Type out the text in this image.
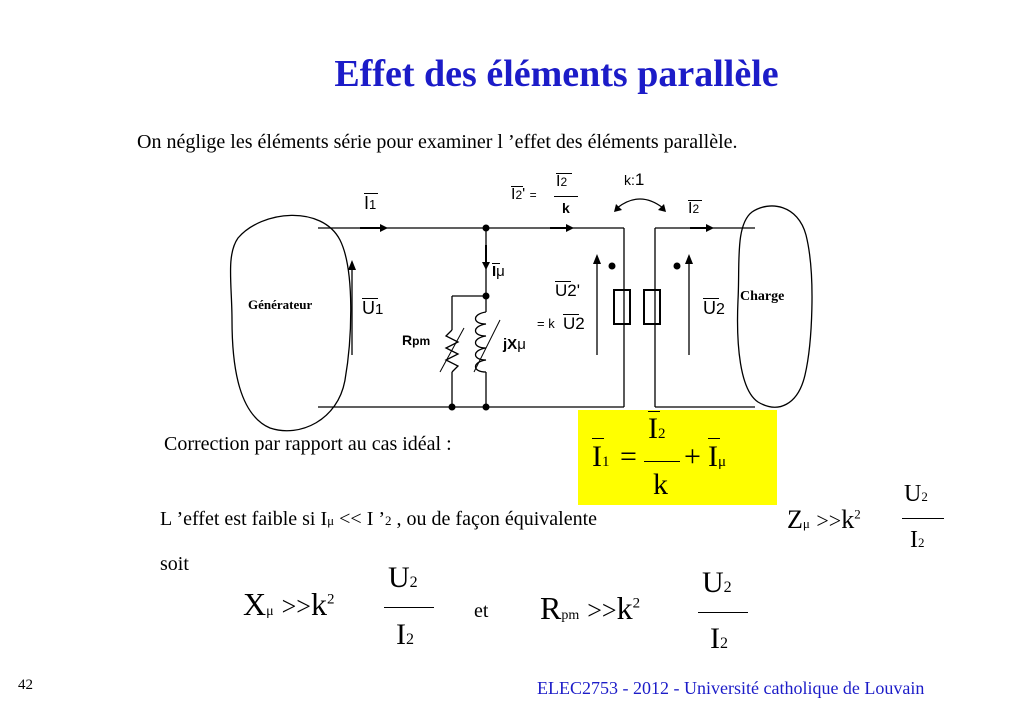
Effet des éléments parallèle
On néglige les éléments série pour examiner l ’effet des éléments parallèle.
Générateur
Charge
I1
U1
I2' =
I2
k
k:1
I2
Iμ
Rpm	jXμ
U2'
= k U2
U2
Correction par rapport au cas idéal :	I1 =
I2
k
+ Iμ
L ’effet est faible si Iμ << I ’2 , ou de façon équivalente	$Z\mu >>k^2$
U2
I2
soit
$X\mu >>k^2$
U2
I2
et Rpm $>>k^2$
U2
I2
42	ELEC2753 - 2012 - Université catholique de Louvain
